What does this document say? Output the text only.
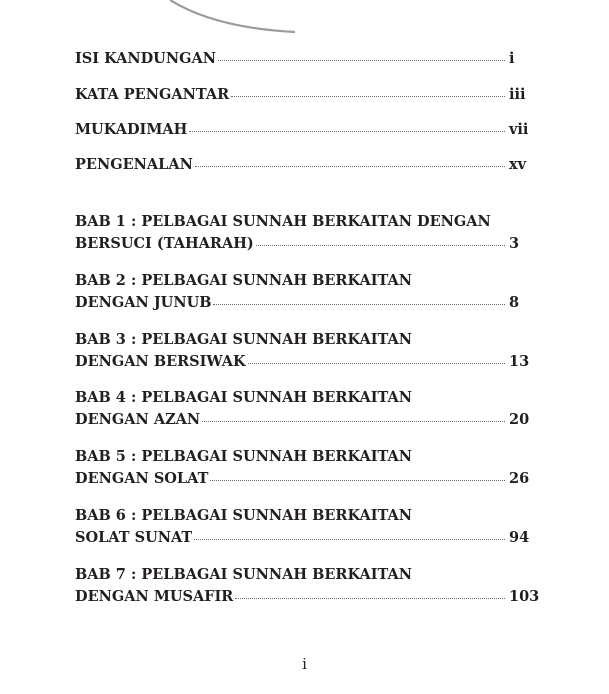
ISI KANDUNGAN	i
KATA PENGANTAR	iii
MUKADIMAH	vii
PENGENALAN	xv
BAB 1 : PELBAGAI SUNNAH BERKAITAN DENGAN
BERSUCI (TAHARAH)	3
BAB 2 : PELBAGAI SUNNAH BERKAITAN
DENGAN JUNUB	8
BAB 3 : PELBAGAI SUNNAH BERKAITAN
DENGAN BERSIWAK	13
BAB 4 : PELBAGAI SUNNAH BERKAITAN
DENGAN AZAN	20
BAB 5 : PELBAGAI SUNNAH BERKAITAN
DENGAN SOLAT	26
BAB 6 : PELBAGAI SUNNAH BERKAITAN
SOLAT SUNAT	94
BAB 7 : PELBAGAI SUNNAH BERKAITAN
DENGAN MUSAFIR	103
i
